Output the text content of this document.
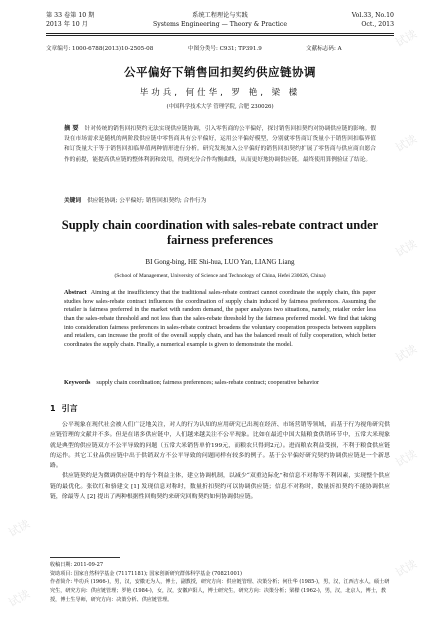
第 33 卷第 10 期	系统工程理论与实践	Vol.33, No.10
2013 年 10 月	Systems Engineering — Theory & Practice	Oct., 2013
文章编号: 1000-6788(2013)10-2505-08	中图分类号: C931; TP391.9	文献标志码: A
公平偏好下销售回扣契约供应链协调
毕功兵, 何仕华, 罗 艳, 梁 樑
(中国科学技术大学 管理学院, 合肥 230026)
摘 要 针对传统的销售回扣契约无法实现供应链协调，引入零售商的公平偏好，探讨销售回扣契约对协调供应链的影响。假设在市场需求是随机的两阶段供应链中零售商具有公平偏好，运用公平偏好模型，分别就零售商订货量小于销售回扣临界值和订货量大于等于销售回扣临界值两种情形进行分析。研究发现加入公平偏好的销售回扣契约扩展了零售商与供应商自愿合作的前提，能提高供应链的整体利润和效用，得到充分合作均衡曲线，从而更好地协调供应链。最终使用算例验证了结论。
关键词 供应链协调; 公平偏好; 销售回扣契约; 合作行为
Supply chain coordination with sales-rebate contract under fairness preferences
BI Gong-bing, HE Shi-hua, LUO Yan, LIANG Liang
(School of Management, University of Science and Technology of China, Hefei 230026, China)
Abstract Aiming at the insufficiency that the traditional sales-rebate contract cannot coordinate the supply chain, this paper studies how sales-rebate contract influences the coordination of supply chain induced by fairness preferences. Assuming the retailer is fairness preferred in the market with random demand, the paper analyzes two situations, namely, retailer order less than the sales-rebate threshold and not less than the sales-rebate threshold by the fairness preferred model. We find that taking into consideration fairness preferences in sales-rebate contract broadens the voluntary cooperation prospects between suppliers and retailers, can increase the profit of the overall supply chain, and has the balanced result of fully cooperation, which better coordinates the supply chain. Finally, a numerical example is given to demonstrate the model.
Keywords supply chain coordination; fairness preferences; sales-rebate contract; cooperative behavior
1 引言

公平现象在现代社会被人们广泛地关注，对人的行为认知的应用研究已出现在经济、市场营销等领域，而基于行为视角研究供应链管理的文献并不多。但是在诸多供应链中，人们越来越关注不公平现象。比如在最近中国大陆粮食供销环节中，五常大米现象就是典型的供应链双方不公平导致的问题（五常大米销售单价199元，而粮农只得到2元）。进而粮农利益受损，不利于粮食供应链的运作。其它工业品供应链中出于供销双方不公平导致的问题同样有较多的例子。基于公平偏好研究契约协调供应链是一个新思路。

供应链契约是为微调供应链中的每个利益主体，建立协调机制，以减少“双重边际化”和信息不对称等不利因素，实现整个供应链的最优化。张钦红和骆建文 [1] 发现信息对称时，数量折扣契约可以协调供应链；信息不对称时，数量折扣契约不能协调供应链，徐最等人 [2] 提出了两种根据性回购契约来研究回购契约如何协调供应链。

收稿日期: 2011-09-27
资助项目: 国家自然科学基金 (71171181); 国家创新研究群体科学基金 (70821001)
作者简介: 毕功兵 (1966-)，男，汉，安徽无为人，博士，副教授，研究方向：供应链管理、决策分析；何仕华 (1985-)，男，汉，江西吉水人，硕士研究生，研究方向：供应链管理；罗艳 (1984-)，女，汉，安徽庐阳人，博士研究生，研究方向：决策分析；梁樑 (1962-)，男，汉，北京人，博士，教授，博士生导师，研究方向：决策分析、供应链管理。
试读
试读
试读
试读
试读
试读
试读
试读
